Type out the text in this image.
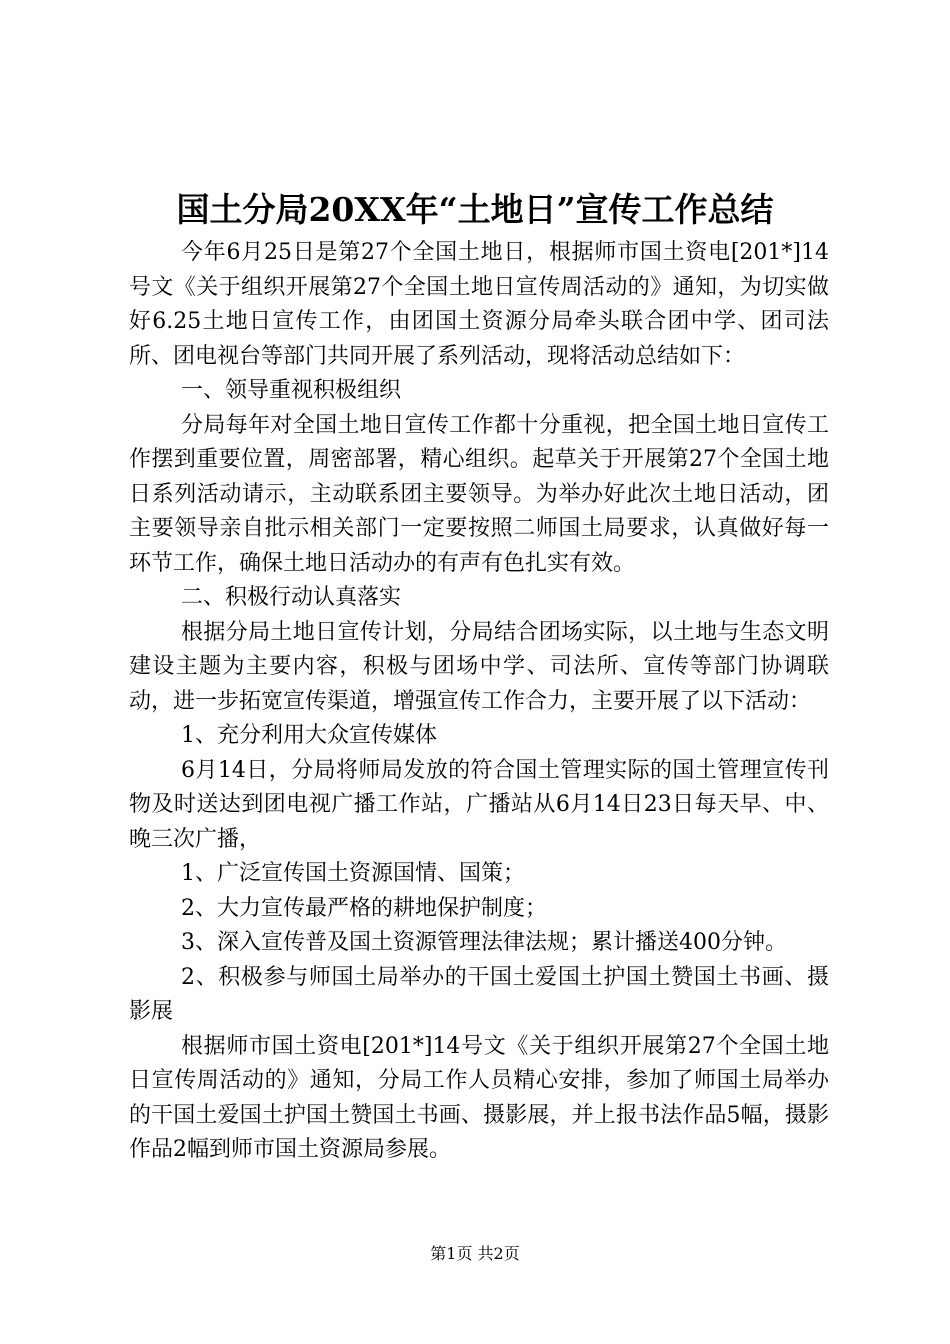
国土分局20XX年“土地日”宣传工作总结

今年6月25日是第27个全国土地日，根据师市国土资电[201*]14号文《关于组织开展第27个全国土地日宣传周活动的》通知，为切实做好6.25土地日宣传工作，由团国土资源分局牵头联合团中学、团司法所、团电视台等部门共同开展了系列活动，现将活动总结如下：

一、领导重视积极组织

分局每年对全国土地日宣传工作都十分重视，把全国土地日宣传工作摆到重要位置，周密部署，精心组织。起草关于开展第27个全国土地日系列活动请示，主动联系团主要领导。为举办好此次土地日活动，团主要领导亲自批示相关部门一定要按照二师国土局要求，认真做好每一环节工作，确保土地日活动办的有声有色扎实有效。

二、积极行动认真落实

根据分局土地日宣传计划，分局结合团场实际，以土地与生态文明建设主题为主要内容，积极与团场中学、司法所、宣传等部门协调联动，进一步拓宽宣传渠道，增强宣传工作合力，主要开展了以下活动：

1、充分利用大众宣传媒体

6月14日，分局将师局发放的符合国土管理实际的国土管理宣传刊物及时送达到团电视广播工作站，广播站从6月14日23日每天早、中、晚三次广播，

1、广泛宣传国土资源国情、国策；

2、大力宣传最严格的耕地保护制度；

3、深入宣传普及国土资源管理法律法规；累计播送400分钟。

2、积极参与师国土局举办的干国土爱国土护国土赞国土书画、摄影展

根据师市国土资电[201*]14号文《关于组织开展第27个全国土地日宣传周活动的》通知，分局工作人员精心安排，参加了师国土局举办的干国土爱国土护国土赞国土书画、摄影展，并上报书法作品5幅，摄影作品2幅到师市国土资源局参展。

第1页 共2页
